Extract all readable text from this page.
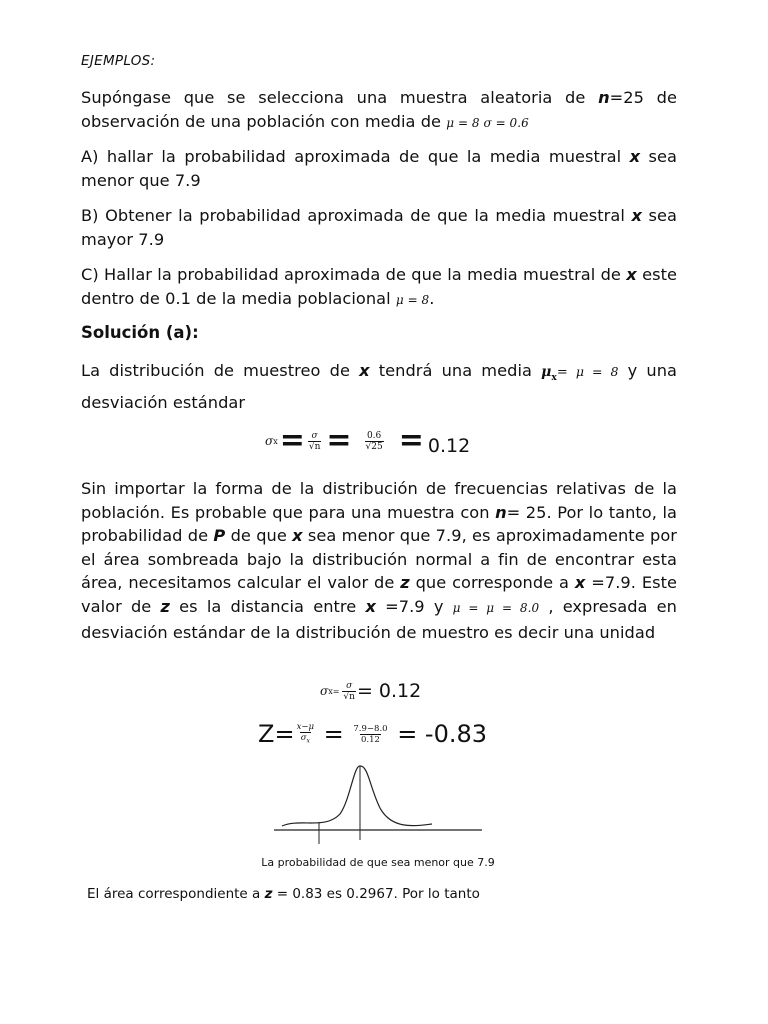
EJEMPLOS:
Supóngase que se selecciona una muestra aleatoria de n=25 de observación de una población con media de μ = 8 σ = 0.6
A) hallar la probabilidad aproximada de que la media muestral x sea menor que 7.9
B) Obtener la probabilidad aproximada de que la media muestral x sea mayor 7.9
C) Hallar la probabilidad aproximada de que la media muestral de x este dentro de 0.1 de la media poblacional μ = 8.
Solución (a):
La distribución de muestreo de x tendrá una media $\mu_x= \mu = 8$ y una desviación estándar
σ $x = \frac{\sigma}{√n} = \frac{0.6}{√25} = 0.12$
Sin importar la forma de la distribución de frecuencias relativas de la población. Es probable que para una muestra con n= 25. Por lo tanto, la probabilidad de P de que x sea menor que 7.9, es aproximadamente por el área sombreada bajo la distribución normal a fin de encontrar esta área, necesitamos calcular el valor de z que corresponde a x =7.9. Este valor de z es la distancia entre x =7.9 y μ = μ = 8.0 , expresada en desviación estándar de la distribución de muestro es decir una unidad
σ $x= \frac{\sigma}{√n} = 0.12$
$Z= \frac{x-\mu}{\sigma_x} = \frac{7.9-8.0}{0.12} = -0.83$
La probabilidad de que sea menor que 7.9
El área correspondiente a z = 0.83 es 0.2967. Por lo tanto
